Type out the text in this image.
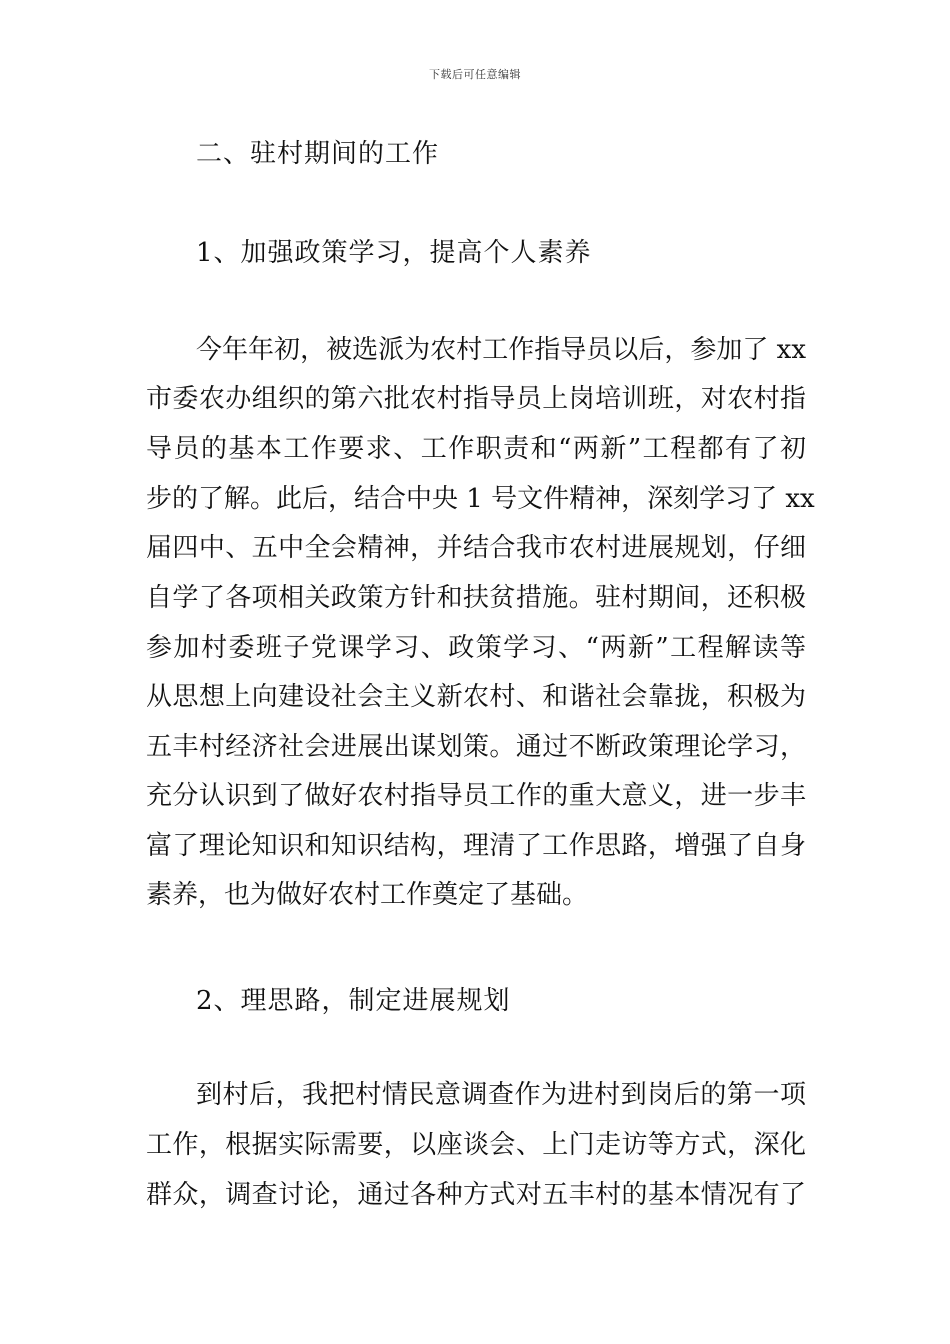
下载后可任意编辑
二、驻村期间的工作
1、加强政策学习，提高个人素养
今年年初，被选派为农村工作指导员以后，参加了 xx
市委农办组织的第六批农村指导员上岗培训班，对农村指
导员的基本工作要求、工作职责和“两新”工程都有了初
步的了解。此后，结合中央 1 号文件精神，深刻学习了 xx
届四中、五中全会精神，并结合我市农村进展规划，仔细
自学了各项相关政策方针和扶贫措施。驻村期间，还积极
参加村委班子党课学习、政策学习、“两新”工程解读等
从思想上向建设社会主义新农村、和谐社会靠拢，积极为
五丰村经济社会进展出谋划策。通过不断政策理论学习，
充分认识到了做好农村指导员工作的重大意义，进一步丰
富了理论知识和知识结构，理清了工作思路，增强了自身
素养，也为做好农村工作奠定了基础。
2、理思路，制定进展规划
到村后，我把村情民意调查作为进村到岗后的第一项
工作，根据实际需要，以座谈会、上门走访等方式，深化
群众，调查讨论，通过各种方式对五丰村的基本情况有了
